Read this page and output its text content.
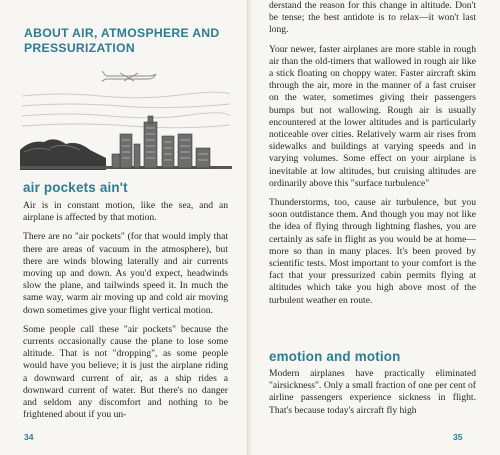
ABOUT AIR, ATMOSPHERE AND PRESSURIZATION
air pockets ain't

Air is in constant motion, like the sea, and an airplane is affected by that motion.

There are no "air pockets" (for that would imply that there are areas of vacuum in the atmosphere), but there are winds blowing laterally and air currents moving up and down. As you'd expect, headwinds slow the plane, and tailwinds speed it. In much the same way, warm air moving up and cold air moving down sometimes give your flight vertical motion.

Some people call these "air pockets" because the currents occasionally cause the plane to lose some altitude. That is not "dropping", as some people would have you believe; it is just the airplane riding a downward current of air, as a ship rides a downward current of water. But there's no danger and seldom any discomfort and nothing to be frightened about if you un-

34

derstand the reason for this change in altitude. Don't be tense; the best antidote is to relax—it won't last long.

Your newer, faster airplanes are more stable in rough air than the old-timers that wallowed in rough air like a stick floating on choppy water. Faster aircraft skim through the air, more in the manner of a fast cruiser on the water, sometimes giving their passengers bumps but not wallowing. Rough air is usually encountered at the lower altitudes and is particularly noticeable over cities. Relatively warm air rises from sidewalks and buildings at varying speeds and in varying volumes. Some effect on your airplane is inevitable at low altitudes, but cruising altitudes are ordinarily above this "surface turbulence"

Thunderstorms, too, cause air turbulence, but you soon outdistance them. And though you may not like the idea of flying through lightning flashes, you are certainly as safe in flight as you would be at home—more so than in many places. It's been proved by scientific tests. Most important to your comfort is the fact that your pressurized cabin permits flying at altitudes which take you high above most of the turbulent weather en route.

emotion and motion

Modern airplanes have practically eliminated "airsickness". Only a small fraction of one per cent of airline passengers experience sickness in flight. That's because today's aircraft fly high

35
